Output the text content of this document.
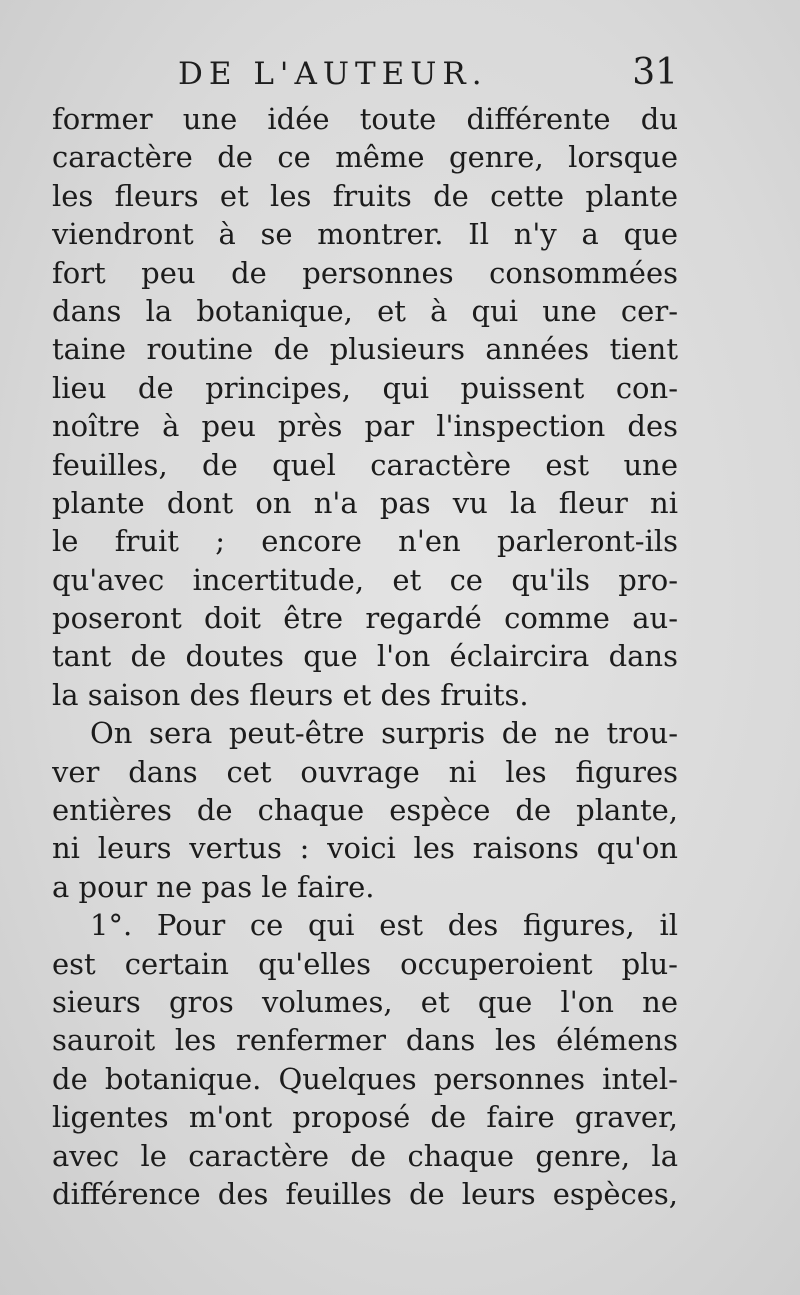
DE L'AUTEUR.	31
former une idée toute différente du
caractère de ce même genre, lorsque
les fleurs et les fruits de cette plante
viendront à se montrer. Il n'y a que
fort peu de personnes consommées
dans la botanique, et à qui une cer-
taine routine de plusieurs années tient
lieu de principes, qui puissent con-
noître à peu près par l'inspection des
feuilles, de quel caractère est une
plante dont on n'a pas vu la fleur ni
le fruit ; encore n'en parleront-ils
qu'avec incertitude, et ce qu'ils pro-
poseront doit être regardé comme au-
tant de doutes que l'on éclaircira dans
la saison des fleurs et des fruits.
On sera peut-être surpris de ne trou-
ver dans cet ouvrage ni les figures
entières de chaque espèce de plante,
ni leurs vertus : voici les raisons qu'on
a pour ne pas le faire.
1°. Pour ce qui est des figures, il
est certain qu'elles occuperoient plu-
sieurs gros volumes, et que l'on ne
sauroit les renfermer dans les élémens
de botanique. Quelques personnes intel-
ligentes m'ont proposé de faire graver,
avec le caractère de chaque genre, la
différence des feuilles de leurs espèces,
